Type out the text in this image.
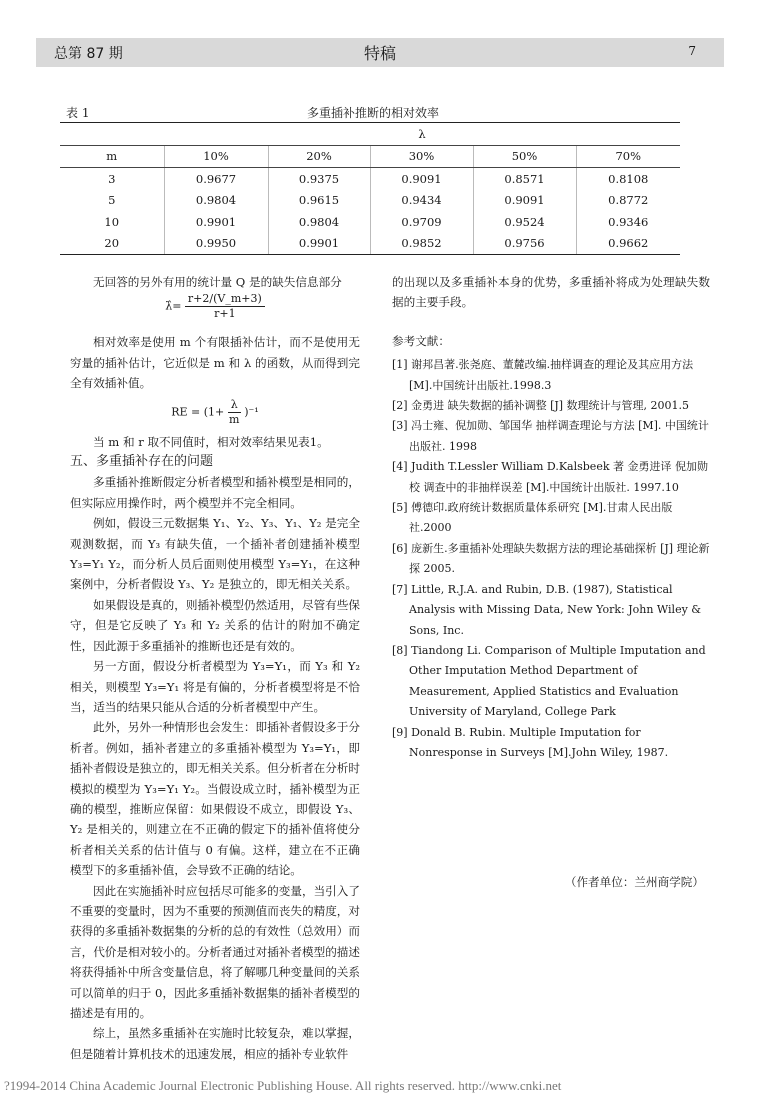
总第 87 期	特稿	7
表 1	多重插补推断的相对效率
	λ				
m	10%	20%	30%	50%	70%
3	0.9677	0.9375	0.9091	0.8571	0.8108
5	0.9804	0.9615	0.9434	0.9091	0.8772
10	0.9901	0.9804	0.9709	0.9524	0.9346
20	0.9950	0.9901	0.9852	0.9756	0.9662

无回答的另外有用的统计量 Q 是的缺失信息部分

λ̂= $\frac{r+2/(V\_m+3)}{r+1}$

相对效率是使用 m 个有限插补估计，而不是使用无穷量的插补估计，它近似是 m 和 λ 的函数，从而得到完全有效插补值。

RE = $(1+ \frac{\lambda}{m} )^{-1}$

当 m 和 r 取不同值时，相对效率结果见表1。

五、多重插补存在的问题

多重插补推断假定分析者模型和插补模型是相同的，但实际应用操作时，两个模型并不完全相同。

例如，假设三元数据集 Y₁、Y₂、Y₃、Y₁、Y₂ 是完全观测数据，而 Y₃ 有缺失值，一个插补者创建插补模型 Y₃=Y₁ Y₂，而分析人员后面则使用模型 Y₃=Y₁，在这种案例中，分析者假设 Y₃、Y₂ 是独立的，即无相关关系。

如果假设是真的，则插补模型仍然适用，尽管有些保守，但是它反映了 Y₃ 和 Y₂ 关系的估计的附加不确定性，因此源于多重插补的推断也还是有效的。

另一方面，假设分析者模型为 Y₃=Y₁，而 Y₃ 和 Y₂ 相关，则模型 Y₃=Y₁ 将是有偏的，分析者模型将是不恰当，适当的结果只能从合适的分析者模型中产生。

此外，另外一种情形也会发生：即插补者假设多于分析者。例如，插补者建立的多重插补模型为 Y₃=Y₁，即插补者假设是独立的，即无相关关系。但分析者在分析时模拟的模型为 Y₃=Y₁ Y₂。当假设成立时，插补模型为正确的模型，推断应保留：如果假设不成立，即假设 Y₃、Y₂ 是相关的，则建立在不正确的假定下的插补值将使分析者相关关系的估计值与 0 有偏。这样，建立在不正确模型下的多重插补值，会导致不正确的结论。

因此在实施插补时应包括尽可能多的变量，当引入了不重要的变量时，因为不重要的预测值而丧失的精度，对获得的多重插补数据集的分析的总的有效性（总效用）而言，代价是相对较小的。分析者通过对插补者模型的描述将获得插补中所含变量信息，将了解哪几种变量间的关系可以简单的归于 0，因此多重插补数据集的插补者模型的描述是有用的。

综上，虽然多重插补在实施时比较复杂，难以掌握，但是随着计算机技术的迅速发展，相应的插补专业软件

的出现以及多重插补本身的优势，多重插补将成为处理缺失数据的主要手段。

参考文献：

[1] 谢邦昌著.张尧庭、董麓改编.抽样调查的理论及其应用方法 [M].中国统计出版社.1998.3

[2] 金勇进 缺失数据的插补调整 [J] 数理统计与管理, 2001.5

[3] 冯士雍、倪加勋、邹国华 抽样调查理论与方法 [M]. 中国统计出版社. 1998

[4] Judith T.Lessler William D.Kalsbeek 著 金勇进译 倪加勋校 调查中的非抽样误差 [M].中国统计出版社. 1997.10

[5] 傅德印.政府统计数据质量体系研究 [M].甘肃人民出版社.2000

[6] 庞新生.多重插补处理缺失数据方法的理论基础探析 [J] 理论新探 2005.

[7] Little, R.J.A. and Rubin, D.B. (1987), Statistical Analysis with Missing Data, New York: John Wiley & Sons, Inc.

[8] Tiandong Li. Comparison of Multiple Imputation and Other Imputation Method Department of Measurement, Applied Statistics and Evaluation University of Maryland, College Park

[9] Donald B. Rubin. Multiple Imputation for Nonresponse in Surveys [M].John Wiley, 1987.

（作者单位：兰州商学院）
?1994-2014 China Academic Journal Electronic Publishing House. All rights reserved. http://www.cnki.net
